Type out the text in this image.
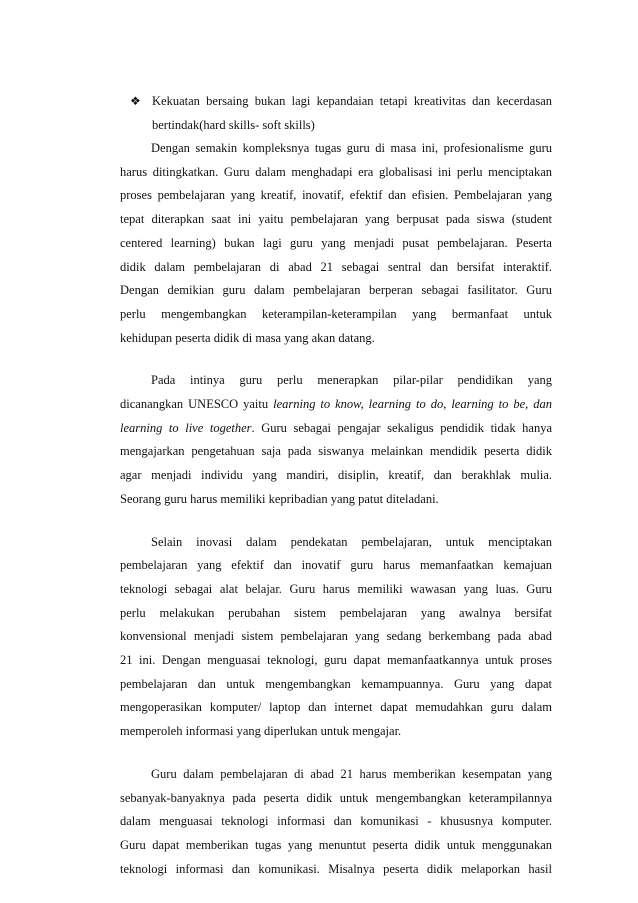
❖ Kekuatan bersaing bukan lagi kepandaian tetapi kreativitas dan kecerdasan
bertindak(hard skills- soft skills)
Dengan semakin kompleksnya tugas guru di masa ini, profesionalisme guru
harus ditingkatkan. Guru dalam menghadapi era globalisasi ini perlu menciptakan
proses pembelajaran yang kreatif, inovatif, efektif dan efisien. Pembelajaran yang
tepat diterapkan saat ini yaitu pembelajaran yang berpusat pada siswa (student
centered learning) bukan lagi guru yang menjadi pusat pembelajaran. Peserta
didik dalam pembelajaran di abad 21 sebagai sentral dan bersifat interaktif.
Dengan demikian guru dalam pembelajaran berperan sebagai fasilitator. Guru
perlu mengembangkan keterampilan-keterampilan yang bermanfaat untuk
kehidupan peserta didik di masa yang akan datang.
Pada intinya guru perlu menerapkan pilar-pilar pendidikan yang
dicanangkan UNESCO yaitu learning to know, learning to do, learning to be, dan
learning to live together. Guru sebagai pengajar sekaligus pendidik tidak hanya
mengajarkan pengetahuan saja pada siswanya melainkan mendidik peserta didik
agar menjadi individu yang mandiri, disiplin, kreatif, dan berakhlak mulia.
Seorang guru harus memiliki kepribadian yang patut diteladani.
Selain inovasi dalam pendekatan pembelajaran, untuk menciptakan
pembelajaran yang efektif dan inovatif guru harus memanfaatkan kemajuan
teknologi sebagai alat belajar. Guru harus memiliki wawasan yang luas. Guru
perlu melakukan perubahan sistem pembelajaran yang awalnya bersifat
konvensional menjadi sistem pembelajaran yang sedang berkembang pada abad
21 ini. Dengan menguasai teknologi, guru dapat memanfaatkannya untuk proses
pembelajaran dan untuk mengembangkan kemampuannya. Guru yang dapat
mengoperasikan komputer/ laptop dan internet dapat memudahkan guru dalam
memperoleh informasi yang diperlukan untuk mengajar.
Guru dalam pembelajaran di abad 21 harus memberikan kesempatan yang
sebanyak-banyaknya pada peserta didik untuk mengembangkan keterampilannya
dalam menguasai teknologi informasi dan komunikasi - khususnya komputer.
Guru dapat memberikan tugas yang menuntut peserta didik untuk menggunakan
teknologi informasi dan komunikasi. Misalnya peserta didik melaporkan hasil
